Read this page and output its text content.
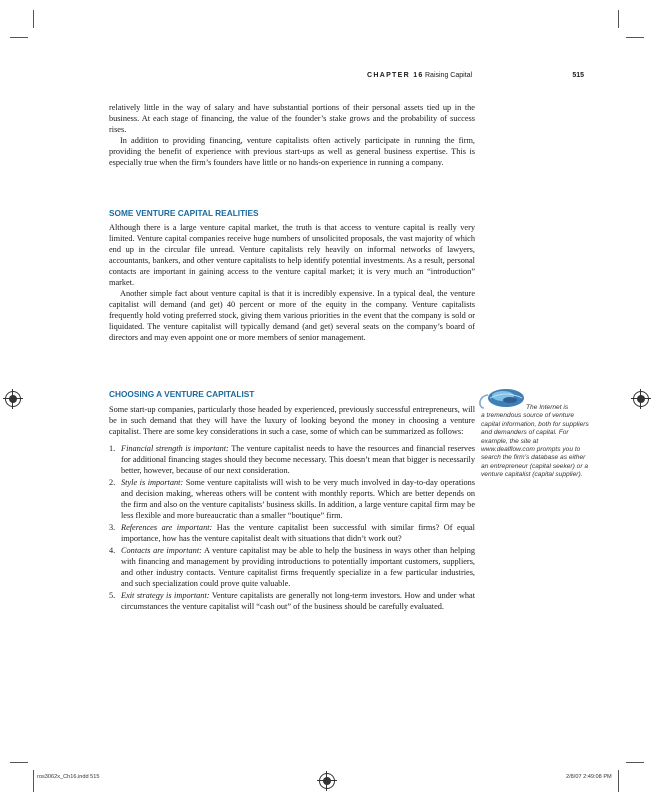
CHAPTER 16 Raising Capital	515

relatively little in the way of salary and have substantial portions of their personal assets tied up in the business. At each stage of financing, the value of the founder’s stake grows and the probability of success rises.

In addition to providing financing, venture capitalists often actively participate in running the firm, providing the benefit of experience with previous start-ups as well as general business expertise. This is especially true when the firm’s founders have little or no hands-on experience in running a company.

SOME VENTURE CAPITAL REALITIES

Although there is a large venture capital market, the truth is that access to venture capital is really very limited. Venture capital companies receive huge numbers of unsolicited proposals, the vast majority of which end up in the circular file unread. Venture capitalists rely heavily on informal networks of lawyers, accountants, bankers, and other venture capitalists to help identify potential investments. As a result, personal contacts are important in gaining access to the venture capital market; it is very much an “introduction” market.

Another simple fact about venture capital is that it is incredibly expensive. In a typical deal, the venture capitalist will demand (and get) 40 percent or more of the equity in the company. Venture capitalists frequently hold voting preferred stock, giving them various priorities in the event that the company is sold or liquidated. The venture capitalist will typically demand (and get) several seats on the company’s board of directors and may even appoint one or more members of senior management.

CHOOSING A VENTURE CAPITALIST

Some start-up companies, particularly those headed by experienced, previously successful entrepreneurs, will be in such demand that they will have the luxury of looking beyond the money in choosing a venture capitalist. There are some key considerations in such a case, some of which can be summarized as follows:

1. Financial strength is important: The venture capitalist needs to have the resources and financial reserves for additional financing stages should they become necessary. This doesn’t mean that bigger is necessarily better, however, because of our next consideration.
2. Style is important: Some venture capitalists will wish to be very much involved in day-to-day operations and decision making, whereas others will be content with monthly reports. Which are better depends on the firm and also on the venture capitalists’ business skills. In addition, a large venture capital firm may be less flexible and more bureaucratic than a smaller “boutique” firm.
3. References are important: Has the venture capitalist been successful with similar firms? Of equal importance, how has the venture capitalist dealt with situations that didn’t work out?
4. Contacts are important: A venture capitalist may be able to help the business in ways other than helping with financing and management by providing introductions to potentially important customers, suppliers, and other industry contacts. Venture capitalist firms frequently specialize in a few particular industries, and such specialization could prove quite valuable.
5. Exit strategy is important: Venture capitalists are generally not long-term investors. How and under what circumstances the venture capitalist will “cash out” of the business should be carefully evaluated.
The Internet is
a tremendous source of venture capital information, both for suppliers and demanders of capital. For example, the site at www.dealflow.com prompts you to search the firm’s database as either an entrepreneur (capital seeker) or a venture capitalist (capital supplier).
ros3062x_Ch16.indd 515	2/8/07 2:49:08 PM
